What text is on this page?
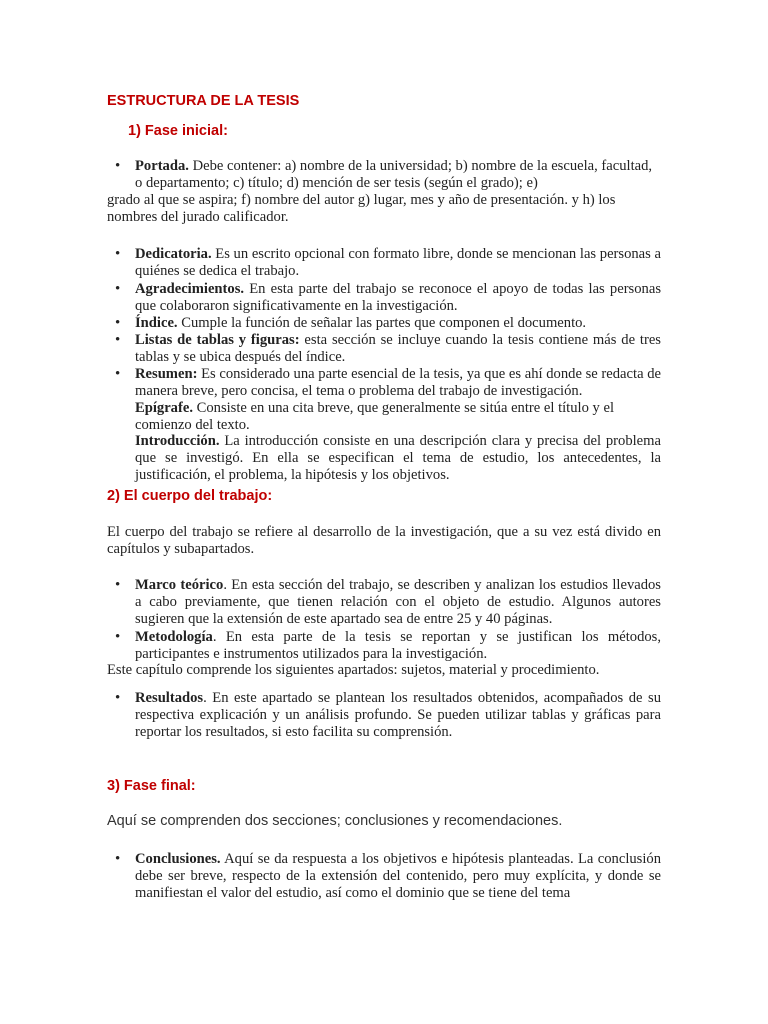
ESTRUCTURA DE LA TESIS
1) Fase inicial:
•	Portada. Debe contener: a) nombre de la universidad; b) nombre de la escuela, facultad, o departamento; c) título; d) mención de ser tesis (según el grado); e)
grado al que se aspira; f) nombre del autor g) lugar, mes y año de presentación. y h) los nombres del jurado calificador.
•	Dedicatoria. Es un escrito opcional con formato libre, donde se mencionan las personas a quiénes se dedica el trabajo.
•	Agradecimientos. En esta parte del trabajo se reconoce el apoyo de todas las personas que colaboraron significativamente en la investigación.
•	Índice. Cumple la función de señalar las partes que componen el documento.
•	Listas de tablas y figuras: esta sección se incluye cuando la tesis contiene más de tres tablas y se ubica después del índice.
•	Resumen: Es considerado una parte esencial de la tesis, ya que es ahí donde se redacta de manera breve, pero concisa, el tema o problema del trabajo de investigación.
Epígrafe. Consiste en una cita breve, que generalmente se sitúa entre el título y el comienzo del texto.
Introducción. La introducción consiste en una descripción clara y precisa del problema que se investigó. En ella se especifican el tema de estudio, los antecedentes, la justificación, el problema, la hipótesis y los objetivos.
2) El cuerpo del trabajo:
El cuerpo del trabajo se refiere al desarrollo de la investigación, que a su vez está divido en capítulos y subapartados.
•	Marco teórico. En esta sección del trabajo, se describen y analizan los estudios llevados a cabo previamente, que tienen relación con el objeto de estudio. Algunos autores sugieren que la extensión de este apartado sea de entre 25 y 40 páginas.
•	Metodología. En esta parte de la tesis se reportan y se justifican los métodos, participantes e instrumentos utilizados para la investigación.
Este capítulo comprende los siguientes apartados: sujetos, material y procedimiento.
•	Resultados. En este apartado se plantean los resultados obtenidos, acompañados de su respectiva explicación y un análisis profundo. Se pueden utilizar tablas y gráficas para reportar los resultados, si esto facilita su comprensión.
3) Fase final:
Aquí se comprenden dos secciones; conclusiones y recomendaciones.
•	Conclusiones. Aquí se da respuesta a los objetivos e hipótesis planteadas. La conclusión debe ser breve, respecto de la extensión del contenido, pero muy explícita, y donde se manifiestan el valor del estudio, así como el dominio que se tiene del tema
